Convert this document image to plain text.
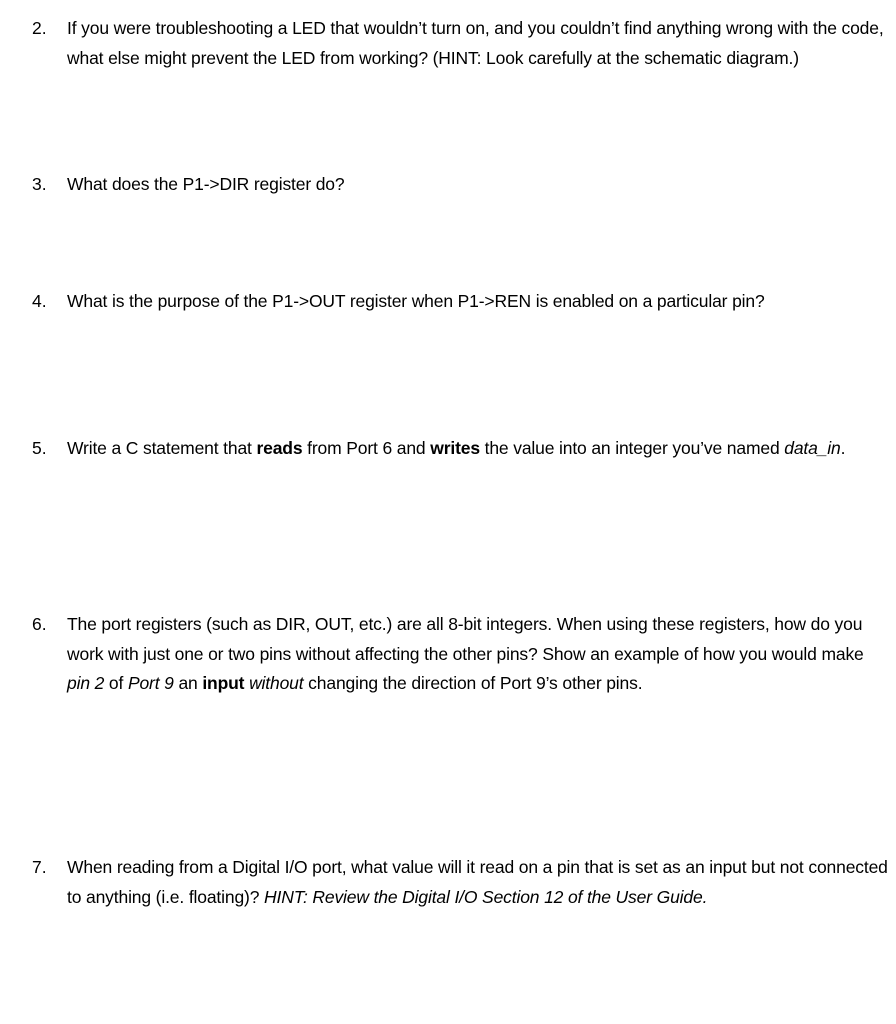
2. If you were troubleshooting a LED that wouldn’t turn on, and you couldn’t find anything wrong with the code, what else might prevent the LED from working? (HINT: Look carefully at the schematic diagram.)
3. What does the P1->DIR register do?
4. What is the purpose of the P1->OUT register when P1->REN is enabled on a particular pin?
5. Write a C statement that reads from Port 6 and writes the value into an integer you’ve named data_in.
6. The port registers (such as DIR, OUT, etc.) are all 8-bit integers. When using these registers, how do you work with just one or two pins without affecting the other pins? Show an example of how you would make pin 2 of Port 9 an input without changing the direction of Port 9’s other pins.
7. When reading from a Digital I/O port, what value will it read on a pin that is set as an input but not connected to anything (i.e. floating)? HINT: Review the Digital I/O Section 12 of the User Guide.
